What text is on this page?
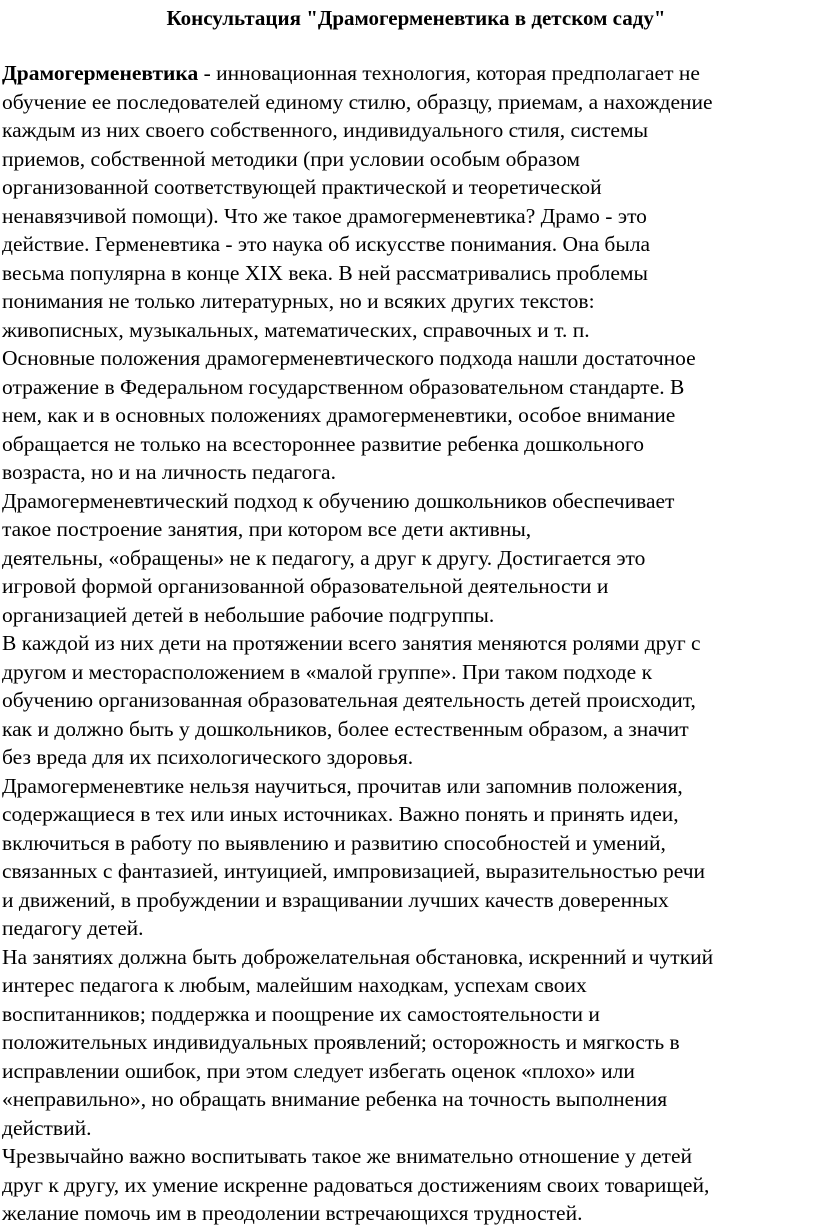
Консультация "Драмогерменевтика в детском саду"

Драмогерменевтика - инновационная технология, которая предполагает не
обучение ее последователей единому стилю, образцу, приемам, а нахождение
каждым из них своего собственного, индивидуального стиля, системы
приемов, собственной методики (при условии особым образом
организованной соответствующей практической и теоретической
ненавязчивой помощи). Что же такое драмогерменевтика? Драмо - это
действие. Герменевтика - это наука об искусстве понимания. Она была
весьма популярна в конце XIX века. В ней рассматривались проблемы
понимания не только литературных, но и всяких других текстов:
живописных, музыкальных, математических, справочных и т. п.

Основные положения драмогерменевтического подхода нашли достаточное
отражение в Федеральном государственном образовательном стандарте. В
нем, как и в основных положениях драмогерменевтики, особое внимание
обращается не только на всестороннее развитие ребенка дошкольного
возраста, но и на личность педагога.

Драмогерменевтический подход к обучению дошкольников обеспечивает
такое построение занятия, при котором все дети активны,
деятельны, «обращены» не к педагогу, а друг к другу. Достигается это
игровой формой организованной образовательной деятельности и
организацией детей в небольшие рабочие подгруппы.

В каждой из них дети на протяжении всего занятия меняются ролями друг с
другом и месторасположением в «малой группе». При таком подходе к
обучению организованная образовательная деятельность детей происходит,
как и должно быть у дошкольников, более естественным образом, а значит
без вреда для их психологического здоровья.

Драмогерменевтике нельзя научиться, прочитав или запомнив положения,
содержащиеся в тех или иных источниках. Важно понять и принять идеи,
включиться в работу по выявлению и развитию способностей и умений,
связанных с фантазией, интуицией, импровизацией, выразительностью речи
и движений, в пробуждении и взращивании лучших качеств доверенных
педагогу детей.

На занятиях должна быть доброжелательная обстановка, искренний и чуткий
интерес педагога к любым, малейшим находкам, успехам своих
воспитанников; поддержка и поощрение их самостоятельности и
положительных индивидуальных проявлений; осторожность и мягкость в
исправлении ошибок, при этом следует избегать оценок «плохо» или
«неправильно», но обращать внимание ребенка на точность выполнения
действий.

Чрезвычайно важно воспитывать такое же внимательно отношение у детей
друг к другу, их умение искренне радоваться достижениям своих товарищей,
желание помочь им в преодолении встречающихся трудностей.
